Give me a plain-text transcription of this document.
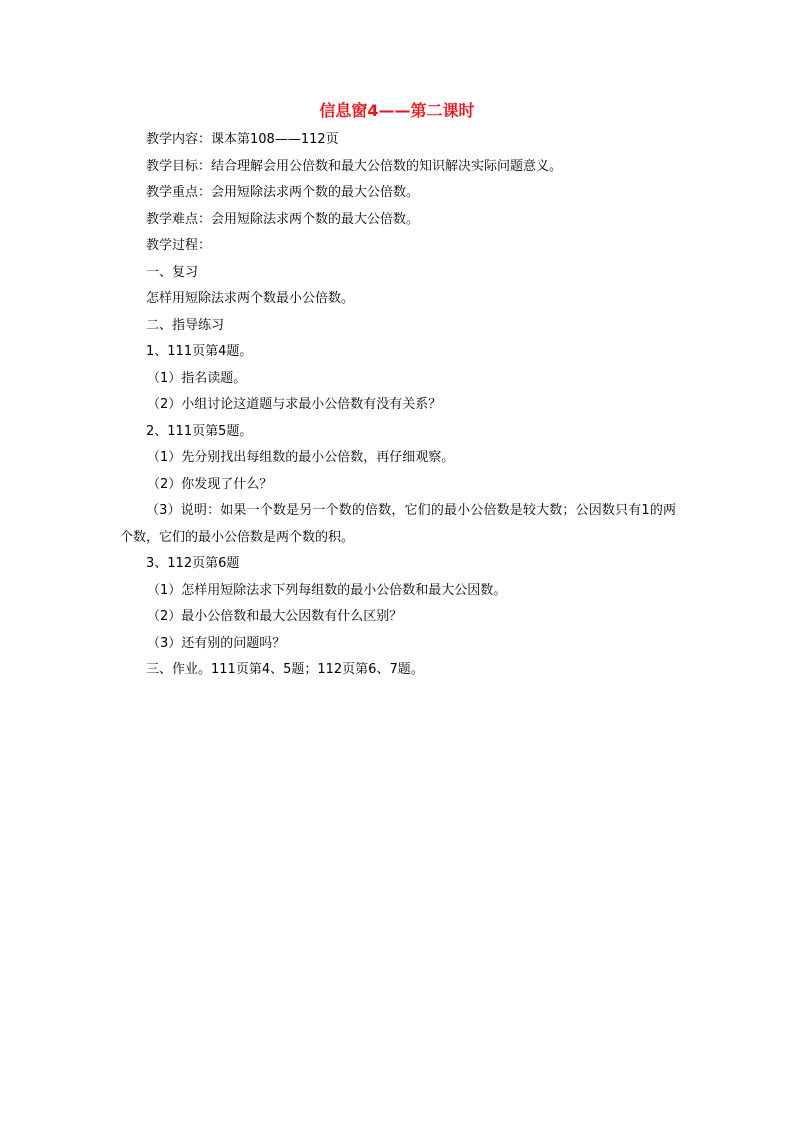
信息窗4——第二课时
教学内容：课本第108——112页
教学目标：结合理解会用公倍数和最大公倍数的知识解决实际问题意义。
教学重点：会用短除法求两个数的最大公倍数。
教学难点：会用短除法求两个数的最大公倍数。
教学过程：
一、复习
怎样用短除法求两个数最小公倍数。
二、指导练习
1、111页第4题。
（1）指名读题。
（2）小组讨论这道题与求最小公倍数有没有关系？
2、111页第5题。
（1）先分别找出每组数的最小公倍数，再仔细观察。
（2）你发现了什么？
（3）说明：如果一个数是另一个数的倍数，它们的最小公倍数是较大数；公因数只有1的两个数，它们的最小公倍数是两个数的积。
3、112页第6题
（1）怎样用短除法求下列每组数的最小公倍数和最大公因数。
（2）最小公倍数和最大公因数有什么区别？
（3）还有别的问题吗？
三、作业。111页第4、5题；112页第6、7题。
